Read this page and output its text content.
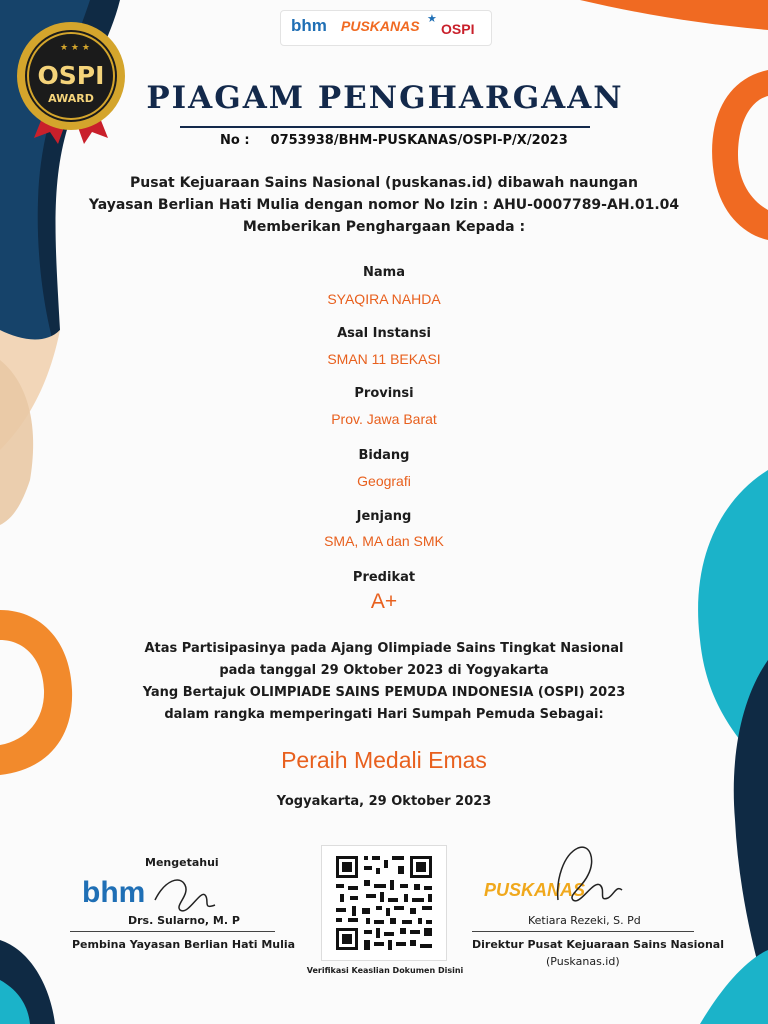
★ ★ ★
OSPI
AWARD
bhm PUSKANAS ★
OSPI
PIAGAM PENGHARGAAN
No : 0753938/BHM-PUSKANAS/OSPI-P/X/2023
Pusat Kejuaraan Sains Nasional (puskanas.id) dibawah naungan
Yayasan Berlian Hati Mulia dengan nomor No Izin : AHU-0007789-AH.01.04
Memberikan Penghargaan Kepada :
Nama
SYAQIRA NAHDA
Asal Instansi
SMAN 11 BEKASI
Provinsi
Prov. Jawa Barat
Bidang
Geografi
Jenjang
SMA, MA dan SMK
Predikat
A+
Atas Partisipasinya pada Ajang Olimpiade Sains Tingkat Nasional
pada tanggal 29 Oktober 2023 di Yogyakarta
Yang Bertajuk OLIMPIADE SAINS PEMUDA INDONESIA (OSPI) 2023
dalam rangka memperingati Hari Sumpah Pemuda Sebagai:
Peraih Medali Emas
Yogyakarta, 29 Oktober 2023
Mengetahui
bhm
Drs. Sularno, M. P
Pembina Yayasan Berlian Hati Mulia
Verifikasi Keaslian Dokumen Disini
PUSKANAS
Ketiara Rezeki, S. Pd
Direktur Pusat Kejuaraan Sains Nasional
(Puskanas.id)
